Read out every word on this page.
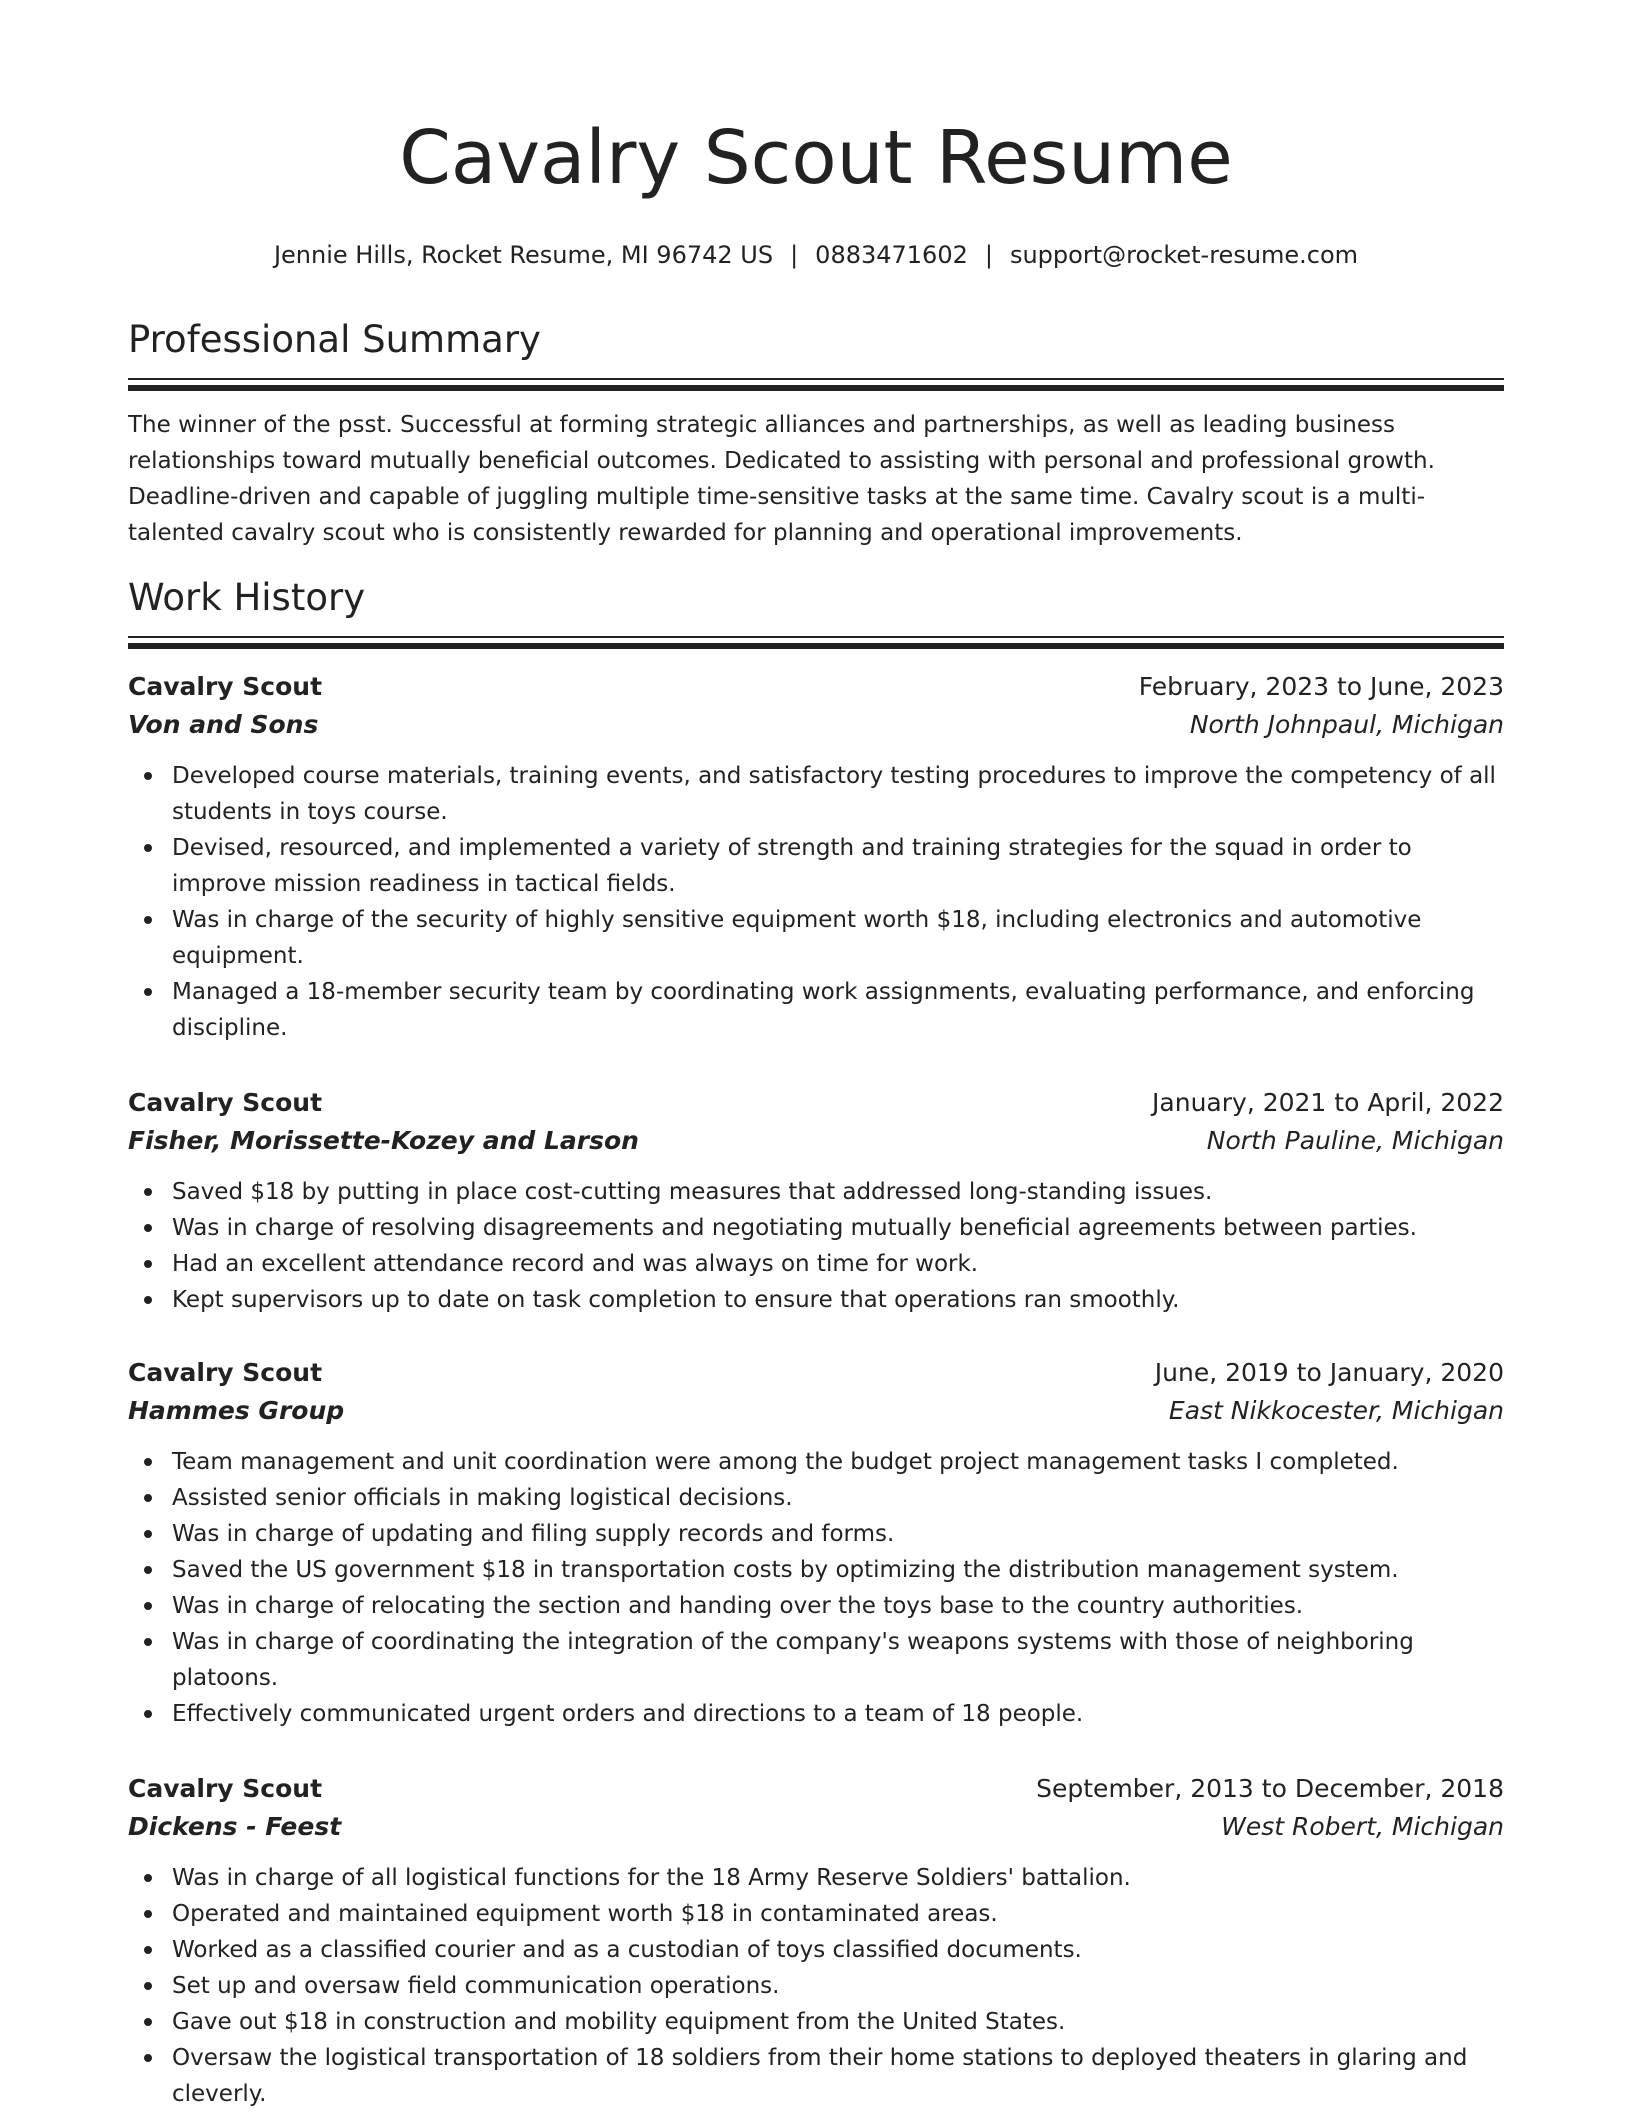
Cavalry Scout Resume
Jennie Hills, Rocket Resume, MI 96742 US | 0883471602 | support@rocket-resume.com
Professional Summary

The winner of the psst. Successful at forming strategic alliances and partnerships, as well as leading business relationships toward mutually beneficial outcomes. Dedicated to assisting with personal and professional growth. Deadline-driven and capable of juggling multiple time-sensitive tasks at the same time. Cavalry scout is a multi-talented cavalry scout who is consistently rewarded for planning and operational improvements.

Work History
Cavalry Scout	February, 2023 to June, 2023
Von and Sons	North Johnpaul, Michigan
Developed course materials, training events, and satisfactory testing procedures to improve the competency of all students in toys course.
Devised, resourced, and implemented a variety of strength and training strategies for the squad in order to improve mission readiness in tactical fields.
Was in charge of the security of highly sensitive equipment worth $18, including electronics and automotive equipment.
Managed a 18-member security team by coordinating work assignments, evaluating performance, and enforcing discipline.
Cavalry Scout	January, 2021 to April, 2022
Fisher, Morissette-Kozey and Larson	North Pauline, Michigan
Saved $18 by putting in place cost-cutting measures that addressed long-standing issues.
Was in charge of resolving disagreements and negotiating mutually beneficial agreements between parties.
Had an excellent attendance record and was always on time for work.
Kept supervisors up to date on task completion to ensure that operations ran smoothly.
Cavalry Scout	June, 2019 to January, 2020
Hammes Group	East Nikkocester, Michigan
Team management and unit coordination were among the budget project management tasks I completed.
Assisted senior officials in making logistical decisions.
Was in charge of updating and filing supply records and forms.
Saved the US government $18 in transportation costs by optimizing the distribution management system.
Was in charge of relocating the section and handing over the toys base to the country authorities.
Was in charge of coordinating the integration of the company's weapons systems with those of neighboring platoons.
Effectively communicated urgent orders and directions to a team of 18 people.
Cavalry Scout	September, 2013 to December, 2018
Dickens - Feest	West Robert, Michigan
Was in charge of all logistical functions for the 18 Army Reserve Soldiers' battalion.
Operated and maintained equipment worth $18 in contaminated areas.
Worked as a classified courier and as a custodian of toys classified documents.
Set up and oversaw field communication operations.
Gave out $18 in construction and mobility equipment from the United States.
Oversaw the logistical transportation of 18 soldiers from their home stations to deployed theaters in glaring and cleverly.
